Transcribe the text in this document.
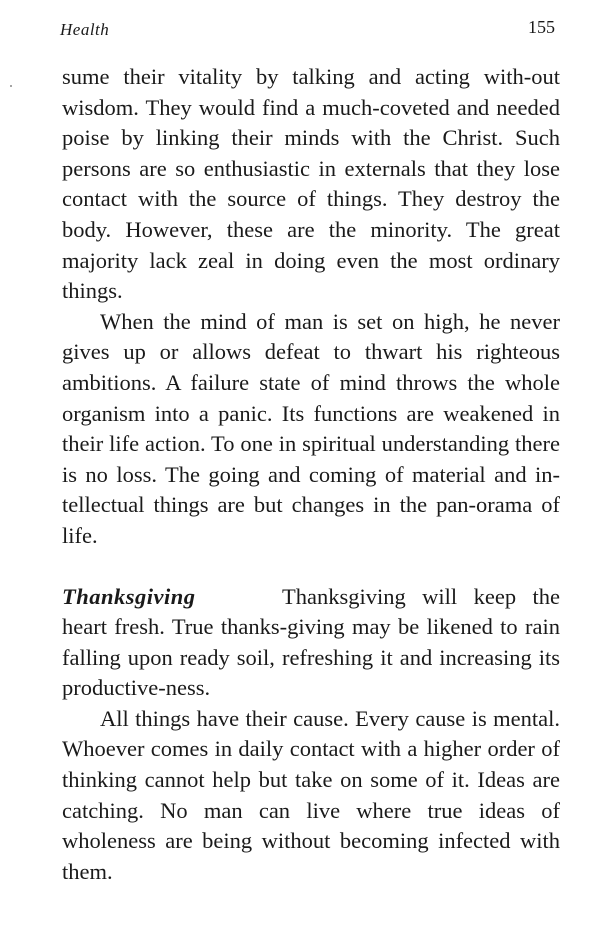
Health	155

sume their vitality by talking and acting with-out wisdom. They would find a much-coveted and needed poise by linking their minds with the Christ. Such persons are so enthusiastic in externals that they lose contact with the source of things. They destroy the body. However, these are the minority. The great majority lack zeal in doing even the most ordinary things.

When the mind of man is set on high, he never gives up or allows defeat to thwart his righteous ambitions. A failure state of mind throws the whole organism into a panic. Its functions are weakened in their life action. To one in spiritual understanding there is no loss. The going and coming of material and in-tellectual things are but changes in the pan-orama of life.

Thanksgiving	Thanksgiving will keep the heart fresh. True thanks-giving may be likened to rain falling upon ready soil, refreshing it and increasing its productive-ness.

All things have their cause. Every cause is mental. Whoever comes in daily contact with a higher order of thinking cannot help but take on some of it. Ideas are catching. No man can live where true ideas of wholeness are being without becoming infected with them.
